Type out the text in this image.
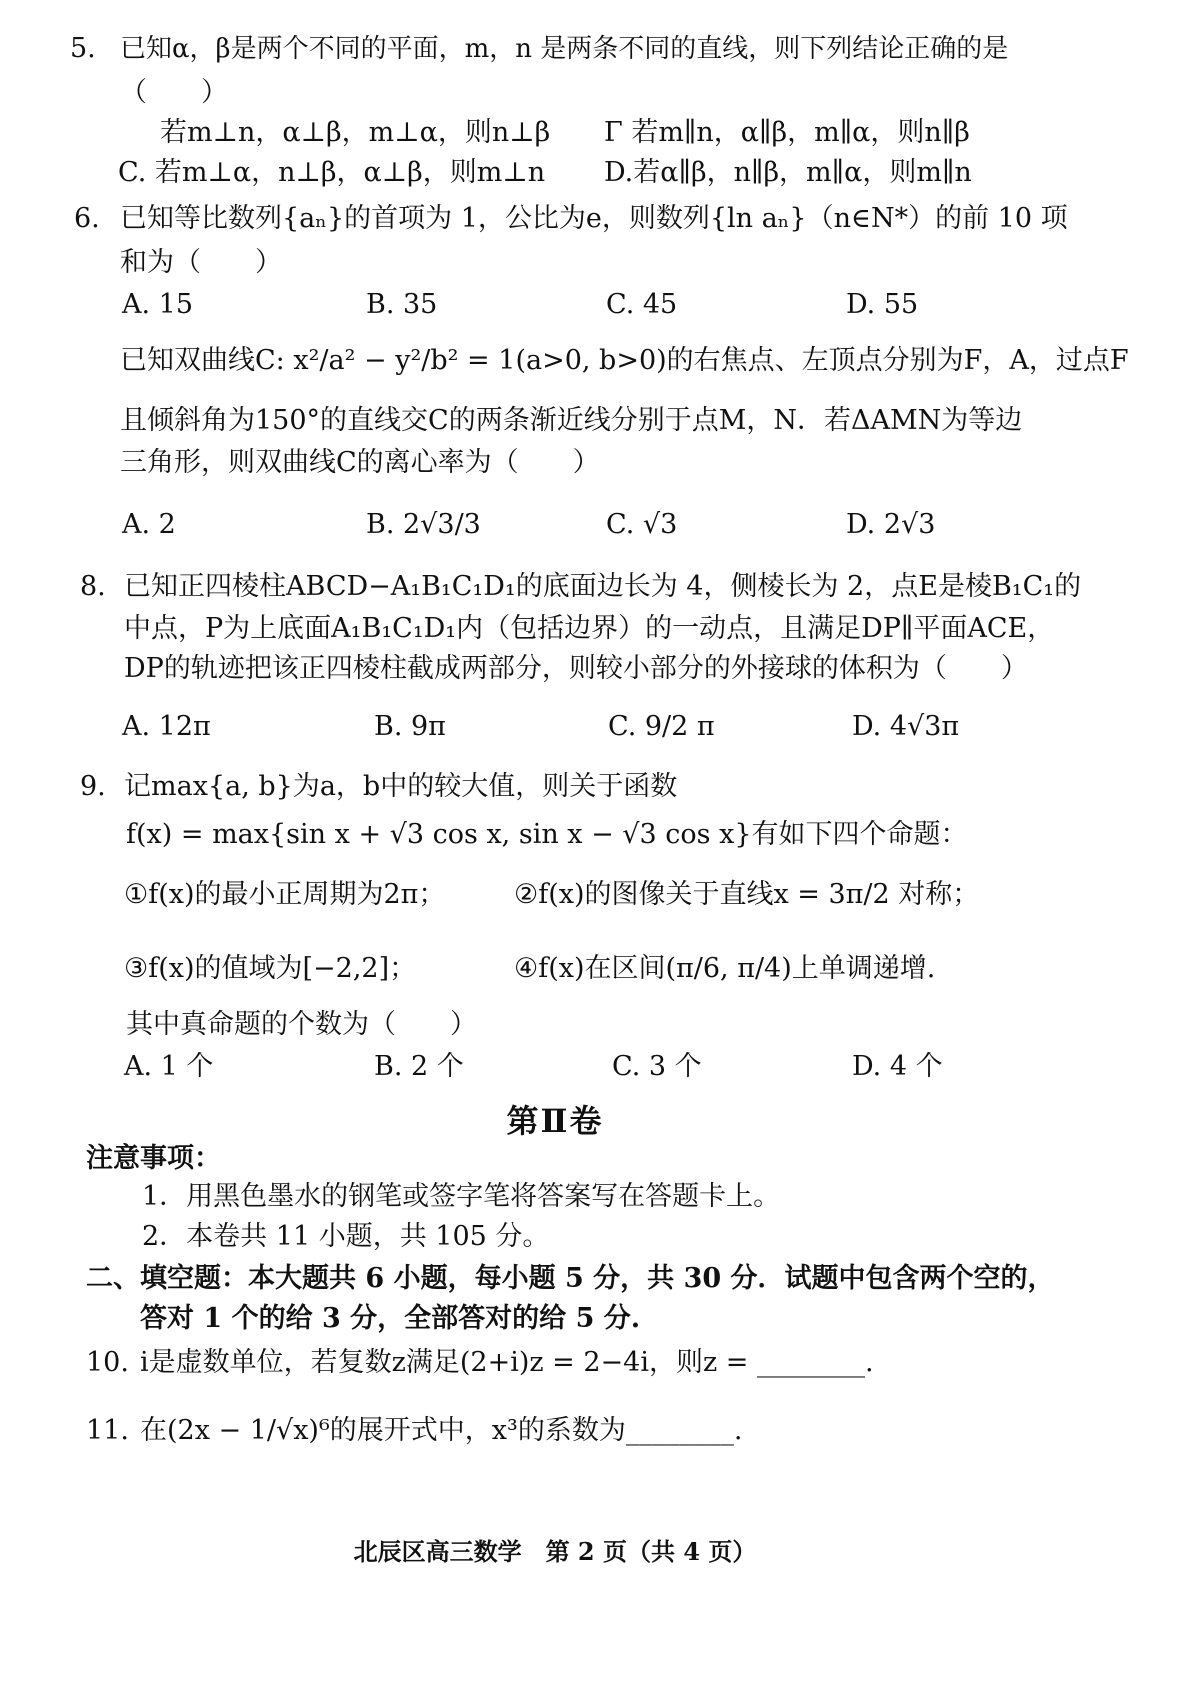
5. 已知α，β是两个不同的平面，m，n 是两条不同的直线，则下列结论正确的是
（　　）
若m⊥n，α⊥β，m⊥α，则n⊥β Γ 若m∥n，α∥β，m∥α，则n∥β
C. 若m⊥α，n⊥β，α⊥β，则m⊥n D.若α∥β，n∥β，m∥α，则m∥n
6. 已知等比数列{aₙ}的首项为 1，公比为e，则数列{ln aₙ}（n∈N*）的前 10 项
和为（　　）
A. 15	B. 35	C. 45	D. 55
已知双曲线C: x²/a² − y²/b² = 1(a>0, b>0)的右焦点、左顶点分别为F，A，过点F
且倾斜角为150°的直线交C的两条渐近线分别于点M，N．若ΔAMN为等边
三角形，则双曲线C的离心率为（　　）
A. 2	B. 2√3/3	C. √3	D. 2√3
8. 已知正四棱柱ABCD−A₁B₁C₁D₁的底面边长为 4，侧棱长为 2，点E是棱B₁C₁的
中点，P为上底面A₁B₁C₁D₁内（包括边界）的一动点，且满足DP∥平面ACE，
DP的轨迹把该正四棱柱截成两部分，则较小部分的外接球的体积为（　　）
A. 12π	B. 9π	C. 9/2 π	D. 4√3π
9. 记max{a, b}为a，b中的较大值，则关于函数
f(x) = max{sin x + √3 cos x, sin x − √3 cos x}有如下四个命题：
①f(x)的最小正周期为2π；	②f(x)的图像关于直线x = 3π/2 对称；
③f(x)的值域为[−2,2]；	④f(x)在区间(π/6, π/4)上单调递增.
其中真命题的个数为（　　）
A. 1 个	B. 2 个	C. 3 个	D. 4 个
第Ⅱ卷
注意事项：
1．用黑色墨水的钢笔或签字笔将答案写在答题卡上。
2．本卷共 11 小题，共 105 分。
二、填空题：本大题共 6 小题，每小题 5 分，共 30 分．试题中包含两个空的，
答对 1 个的给 3 分，全部答对的给 5 分.
10. i是虚数单位，若复数z满足(2+i)z = 2−4i，则z = ________.
11. 在(2x − 1/√x)⁶的展开式中，x³的系数为________.
北辰区高三数学　第 2 页（共 4 页）
